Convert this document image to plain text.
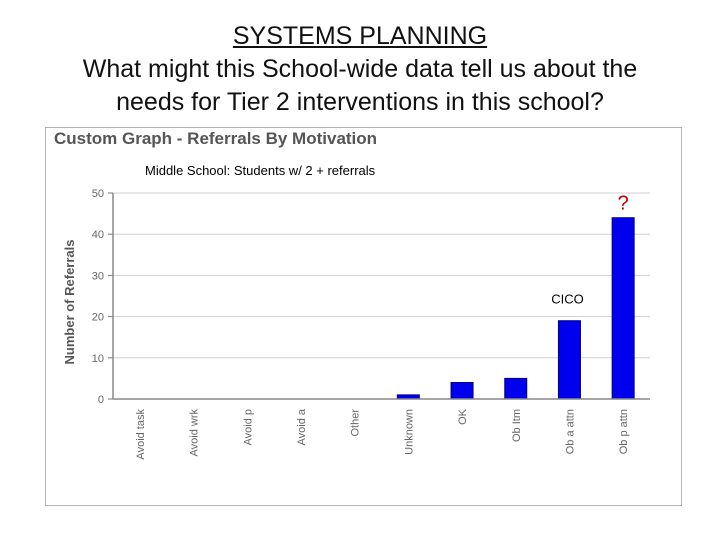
SYSTEMS PLANNING
What might this School-wide data tell us about the
needs for Tier 2 interventions in this school?
Custom Graph - Referrals By Motivation
Middle School: Students w/ 2 + referrals
Number of Referrals
0
10
20
30
40
50
Avoid task	Avoid wrk	Avoid p	Avoid a	Other	Unknown	OK	Ob Itm	Ob a attn	Ob p attn
CICO
?
